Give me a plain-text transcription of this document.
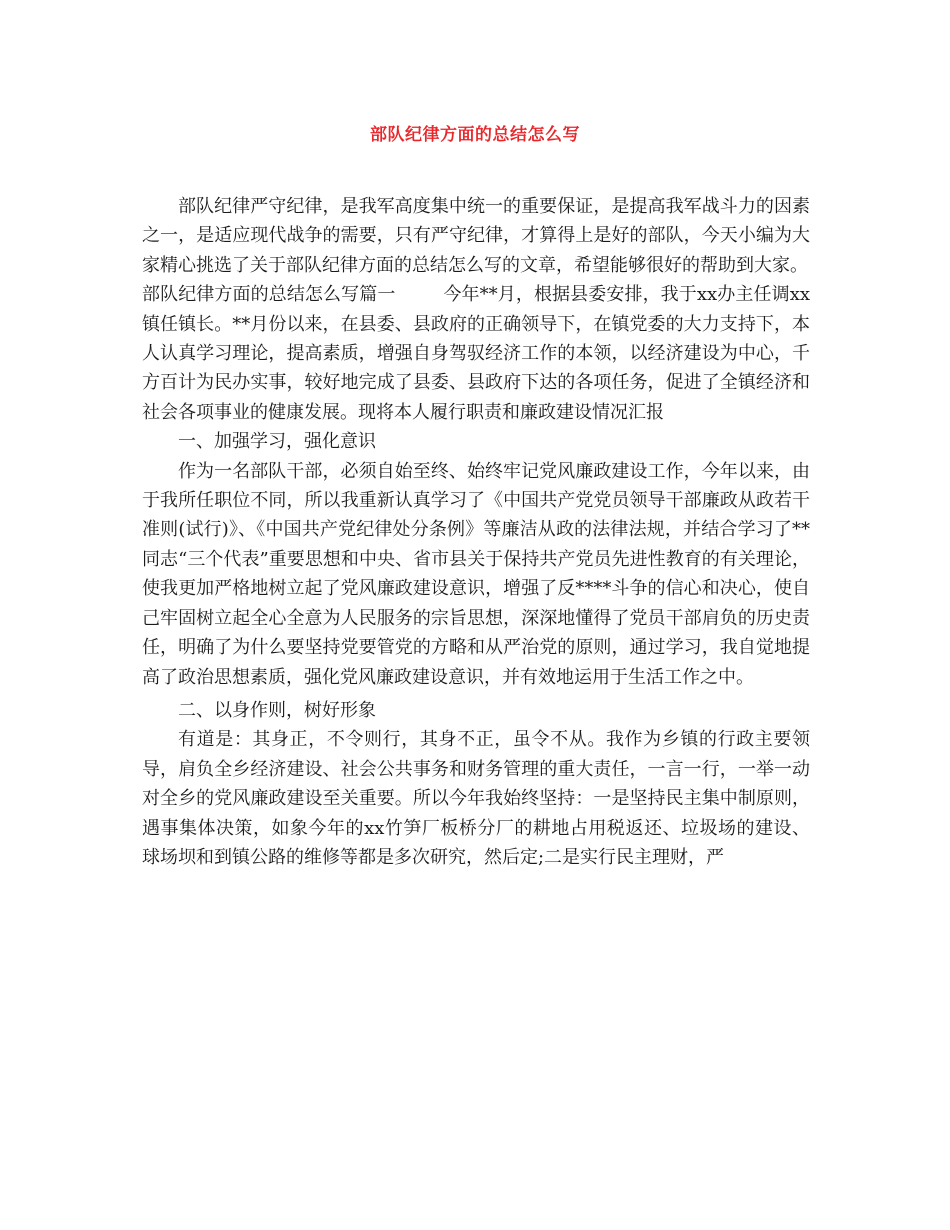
部队纪律方面的总结怎么写

部队纪律严守纪律，是我军高度集中统一的重要保证，是提高我军战斗力的因素之一，是适应现代战争的需要，只有严守纪律，才算得上是好的部队，今天小编为大家精心挑选了关于部队纪律方面的总结怎么写的文章，希望能够很好的帮助到大家。

部队纪律方面的总结怎么写篇一	今年**月，根据县委安排，我于xx办主任调xx镇任镇长。**月份以来，在县委、县政府的正确领导下，在镇党委的大力支持下，本人认真学习理论，提高素质，增强自身驾驭经济工作的本领，以经济建设为中心，千方百计为民办实事，较好地完成了县委、县政府下达的各项任务，促进了全镇经济和社会各项事业的健康发展。现将本人履行职责和廉政建设情况汇报

一、加强学习，强化意识

作为一名部队干部，必须自始至终、始终牢记党风廉政建设工作，今年以来，由于我所任职位不同，所以我重新认真学习了《中国共产党党员领导干部廉政从政若干准则(试行)》、《中国共产党纪律处分条例》等廉洁从政的法律法规，并结合学习了**同志“三个代表”重要思想和中央、省市县关于保持共产党员先进性教育的有关理论，使我更加严格地树立起了党风廉政建设意识，增强了反****斗争的信心和决心，使自己牢固树立起全心全意为人民服务的宗旨思想，深深地懂得了党员干部肩负的历史责任，明确了为什么要坚持党要管党的方略和从严治党的原则，通过学习，我自觉地提高了政治思想素质，强化党风廉政建设意识，并有效地运用于生活工作之中。

二、以身作则，树好形象

有道是：其身正，不令则行，其身不正，虽令不从。我作为乡镇的行政主要领导，肩负全乡经济建设、社会公共事务和财务管理的重大责任，一言一行，一举一动对全乡的党风廉政建设至关重要。所以今年我始终坚持：一是坚持民主集中制原则，遇事集体决策，如象今年的xx竹笋厂板桥分厂的耕地占用税返还、垃圾场的建设、球场坝和到镇公路的维修等都是多次研究，然后定;二是实行民主理财，严
